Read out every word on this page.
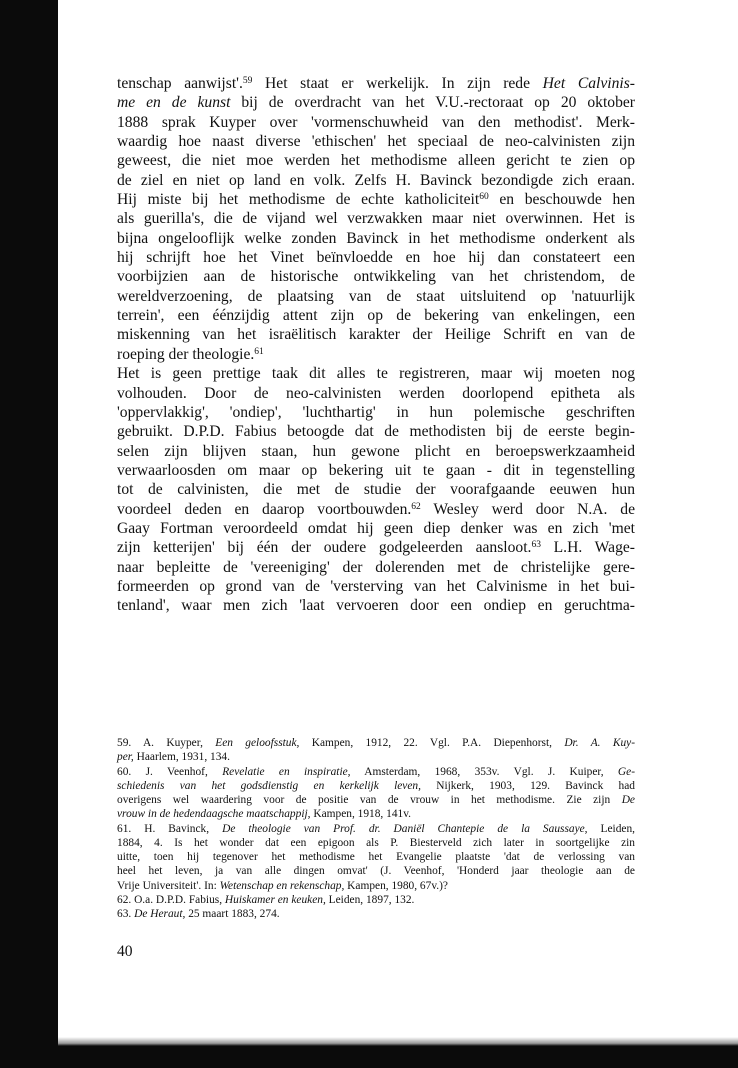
tenschap aanwijst'.$^{59}$ Het staat er werkelijk. In zijn rede Het Calvinis-

me en de kunst bij de overdracht van het V.U.-rectoraat op 20 oktober

1888 sprak Kuyper over 'vormenschuwheid van den methodist'. Merk-

waardig hoe naast diverse 'ethischen' het speciaal de neo-calvinisten zijn

geweest, die niet moe werden het methodisme alleen gericht te zien op

de ziel en niet op land en volk. Zelfs H. Bavinck bezondigde zich eraan.

Hij miste bij het methodisme de echte katholiciteit$^{60}$ en beschouwde hen

als guerilla's, die de vijand wel verzwakken maar niet overwinnen. Het is

bijna ongelooflijk welke zonden Bavinck in het methodisme onderkent als

hij schrijft hoe het Vinet beïnvloedde en hoe hij dan constateert een

voorbijzien aan de historische ontwikkeling van het christendom, de

wereldverzoening, de plaatsing van de staat uitsluitend op 'natuurlijk

terrein', een éénzijdig attent zijn op de bekering van enkelingen, een

miskenning van het israëlitisch karakter der Heilige Schrift en van de

roeping der theologie.$^{61}$

Het is geen prettige taak dit alles te registreren, maar wij moeten nog

volhouden. Door de neo-calvinisten werden doorlopend epitheta als

'oppervlakkig', 'ondiep', 'luchthartig' in hun polemische geschriften

gebruikt. D.P.D. Fabius betoogde dat de methodisten bij de eerste begin-

selen zijn blijven staan, hun gewone plicht en beroepswerkzaamheid

verwaarloosden om maar op bekering uit te gaan - dit in tegenstelling

tot de calvinisten, die met de studie der voorafgaande eeuwen hun

voordeel deden en daarop voortbouwden.$^{62}$ Wesley werd door N.A. de

Gaay Fortman veroordeeld omdat hij geen diep denker was en zich 'met

zijn ketterijen' bij één der oudere godgeleerden aansloot.$^{63}$ L.H. Wage-

naar bepleitte de 'vereeniging' der dolerenden met de christelijke gere-

formeerden op grond van de 'versterving van het Calvinisme in het bui-

tenland', waar men zich 'laat vervoeren door een ondiep en geruchtma-

59. A. Kuyper, Een geloofsstuk, Kampen, 1912, 22. Vgl. P.A. Diepenhorst, Dr. A. Kuy-

per, Haarlem, 1931, 134.

60. J. Veenhof, Revelatie en inspiratie, Amsterdam, 1968, 353v. Vgl. J. Kuiper, Ge-

schiedenis van het godsdienstig en kerkelijk leven, Nijkerk, 1903, 129. Bavinck had

overigens wel waardering voor de positie van de vrouw in het methodisme. Zie zijn De

vrouw in de hedendaagsche maatschappij, Kampen, 1918, 141v.

61. H. Bavinck, De theologie van Prof. dr. Daniël Chantepie de la Saussaye, Leiden,

1884, 4. Is het wonder dat een epigoon als P. Biesterveld zich later in soortgelijke zin

uitte, toen hij tegenover het methodisme het Evangelie plaatste 'dat de verlossing van

heel het leven, ja van alle dingen omvat' (J. Veenhof, 'Honderd jaar theologie aan de

Vrije Universiteit'. In: Wetenschap en rekenschap, Kampen, 1980, 67v.)?

62. O.a. D.P.D. Fabius, Huiskamer en keuken, Leiden, 1897, 132.

63. De Heraut, 25 maart 1883, 274.

40
